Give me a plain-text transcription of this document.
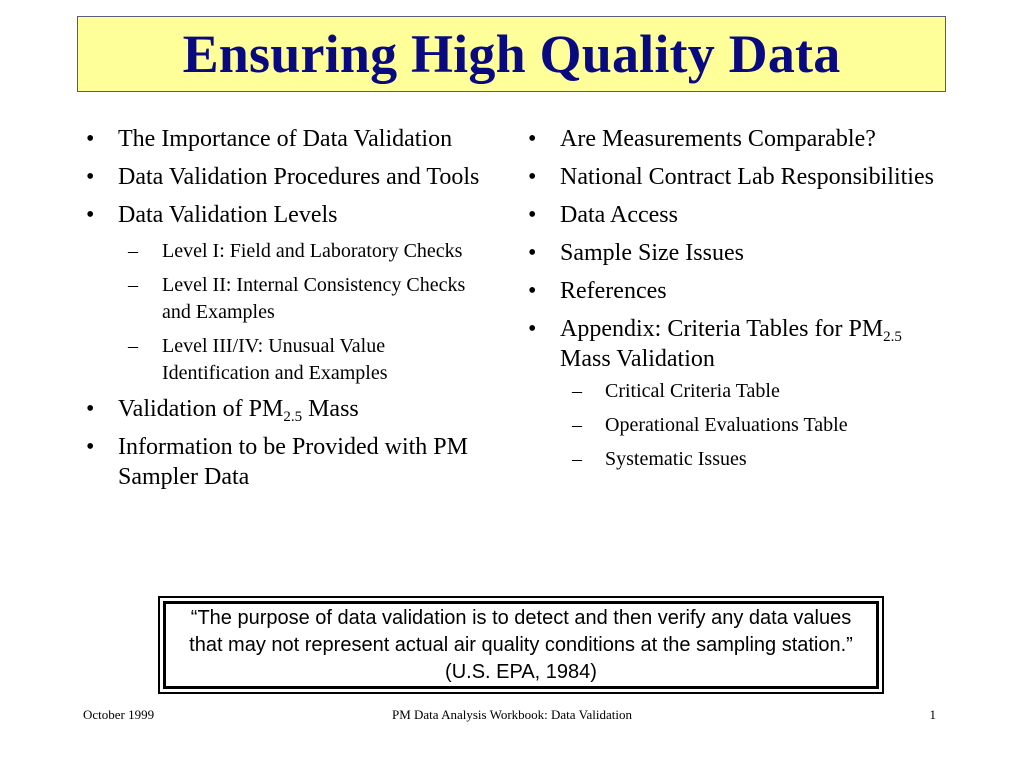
Ensuring High Quality Data
• The Importance of Data Validation
• Data Validation Procedures and Tools
• Data Validation Levels
– Level I: Field and Laboratory Checks
– Level II: Internal Consistency Checks and Examples
– Level III/IV: Unusual Value Identification and Examples
• Validation of $PM_{2.5}$ Mass
• Information to be Provided with PM Sampler Data
• Are Measurements Comparable?
• National Contract Lab Responsibilities
• Data Access
• Sample Size Issues
• References
• Appendix: Criteria Tables for $PM_{2.5}$ Mass Validation
– Critical Criteria Table
– Operational Evaluations Table
– Systematic Issues
“The purpose of data validation is to detect and then verify any data values that may not represent actual air quality conditions at the sampling station.” (U.S. EPA, 1984)
October 1999	PM Data Analysis Workbook: Data Validation	1
